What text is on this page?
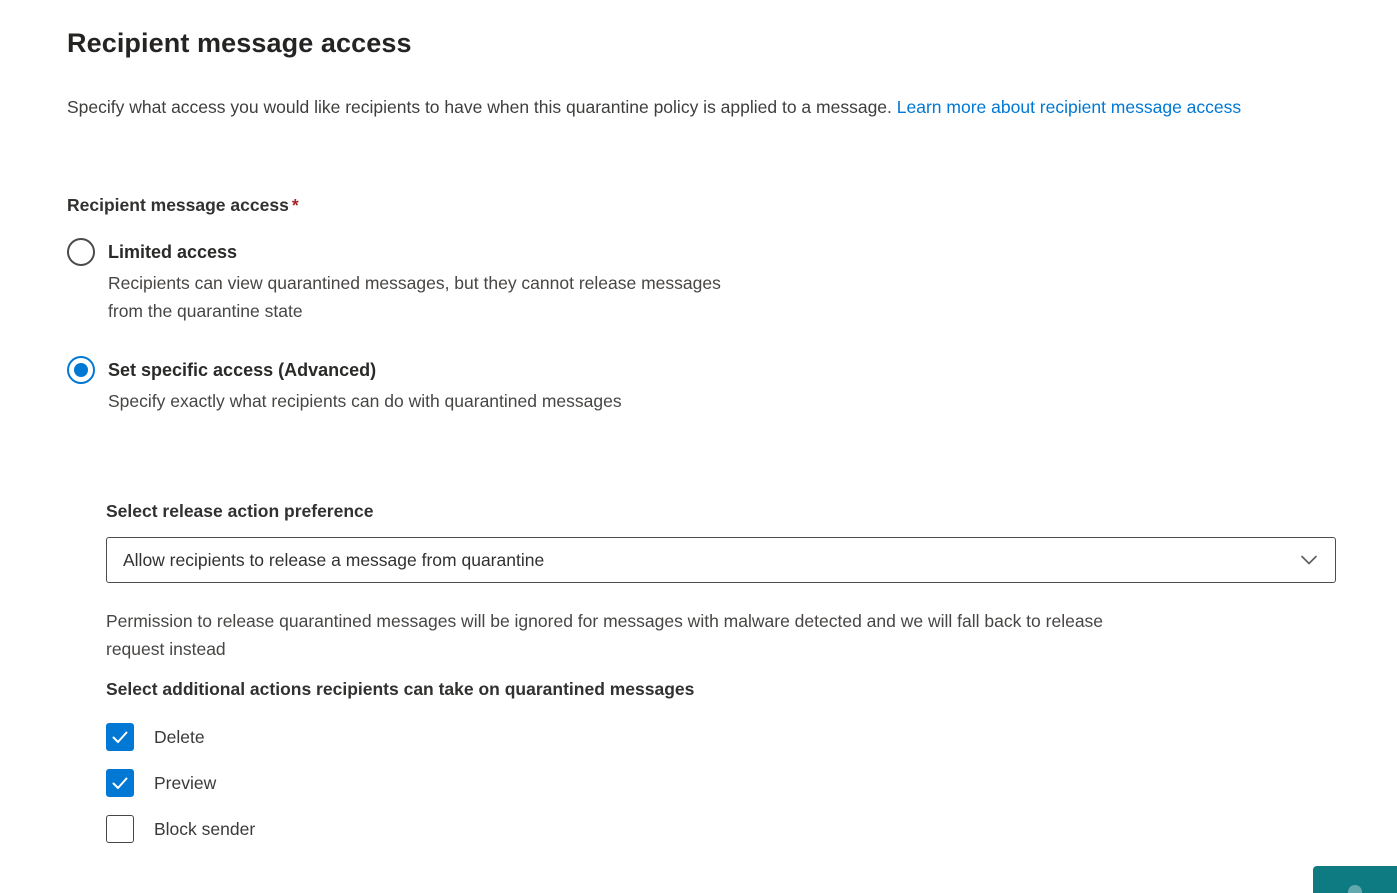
Recipient message access

Specify what access you would like recipients to have when this quarantine policy is applied to a message. Learn more about recipient message access

Recipient message access *
Limited access
Recipients can view quarantined messages, but they cannot release messages
from the quarantine state
Set specific access (Advanced)
Specify exactly what recipients can do with quarantined messages
Select release action preference
Allow recipients to release a message from quarantine

Permission to release quarantined messages will be ignored for messages with malware detected and we will fall back to release
request instead

Select additional actions recipients can take on quarantined messages
Delete
Preview
Block sender
